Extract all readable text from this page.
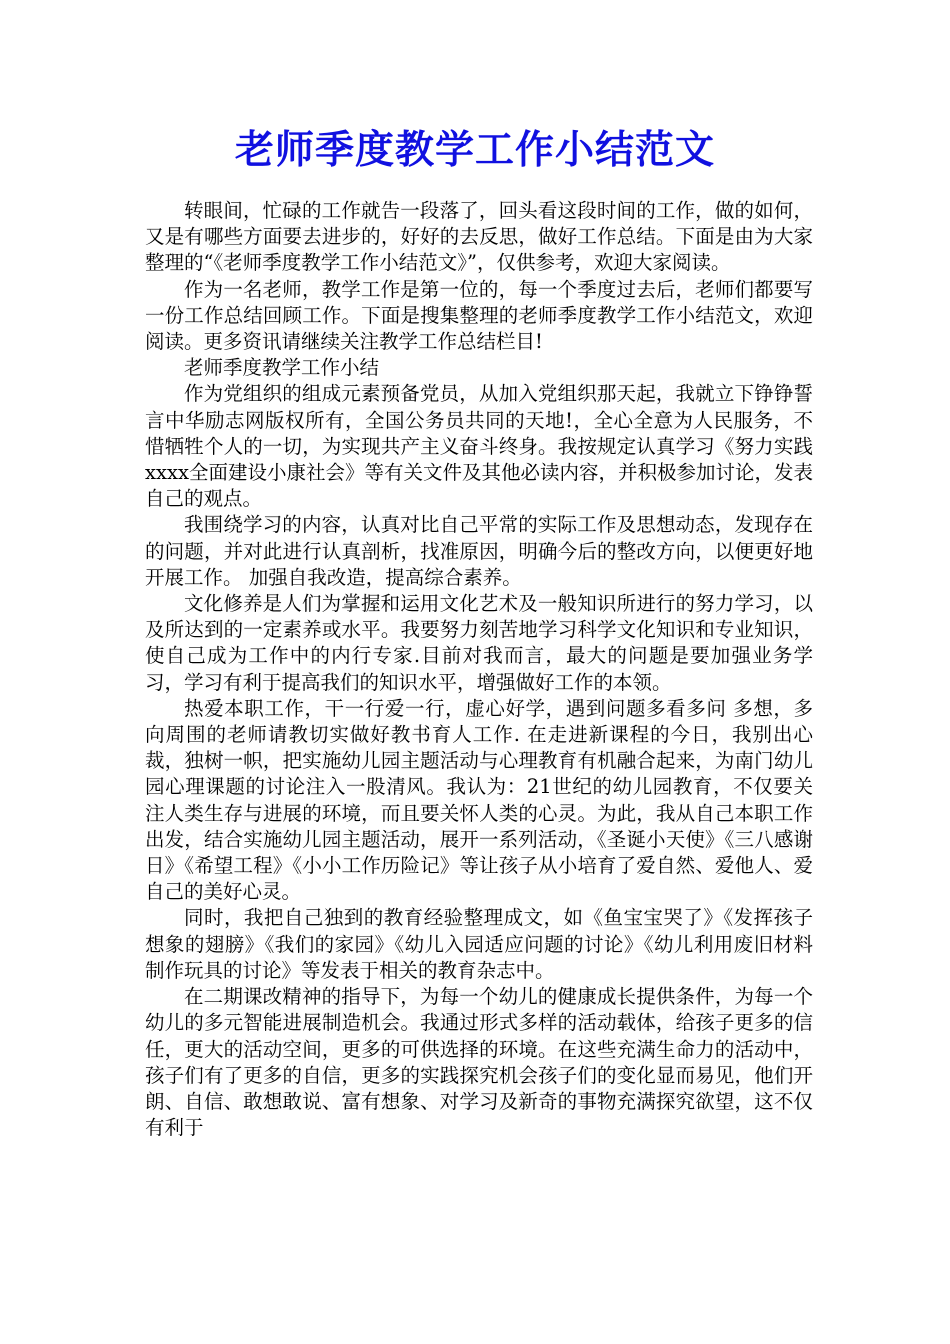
老师季度教学工作小结范文

转眼间，忙碌的工作就告一段落了，回头看这段时间的工作，做的如何，又是有哪些方面要去进步的，好好的去反思，做好工作总结。下面是由为大家整理的“《老师季度教学工作小结范文》”，仅供参考，欢迎大家阅读。

作为一名老师，教学工作是第一位的，每一个季度过去后，老师们都要写一份工作总结回顾工作。下面是搜集整理的老师季度教学工作小结范文，欢迎阅读。更多资讯请继续关注教学工作总结栏目!

老师季度教学工作小结

作为党组织的组成元素预备党员，从加入党组织那天起，我就立下铮铮誓言中华励志网版权所有，全国公务员共同的天地!，全心全意为人民服务，不惜牺牲个人的一切，为实现共产主义奋斗终身。我按规定认真学习《努力实践xxxx全面建设小康社会》等有关文件及其他必读内容，并积极参加讨论，发表自己的观点。

我围绕学习的内容，认真对比自己平常的实际工作及思想动态，发现存在的问题，并对此进行认真剖析，找准原因，明确今后的整改方向，以便更好地开展工作。 加强自我改造，提高综合素养。

文化修养是人们为掌握和运用文化艺术及一般知识所进行的努力学习，以及所达到的一定素养或水平。我要努力刻苦地学习科学文化知识和专业知识，使自己成为工作中的内行专家.目前对我而言，最大的问题是要加强业务学习，学习有利于提高我们的知识水平，增强做好工作的本领。

热爱本职工作，干一行爱一行，虚心好学，遇到问题多看多问 多想，多向周围的老师请教切实做好教书育人工作. 在走进新课程的今日，我别出心裁，独树一帜，把实施幼儿园主题活动与心理教育有机融合起来，为南门幼儿园心理课题的讨论注入一股清风。我认为：21世纪的幼儿园教育，不仅要关注人类生存与进展的环境，而且要关怀人类的心灵。为此，我从自己本职工作出发，结合实施幼儿园主题活动，展开一系列活动，《圣诞小天使》《三八感谢日》《希望工程》《小小工作历险记》等让孩子从小培育了爱自然、爱他人、爱自己的美好心灵。

同时，我把自己独到的教育经验整理成文，如《鱼宝宝哭了》《发挥孩子想象的翅膀》《我们的家园》《幼儿入园适应问题的讨论》《幼儿利用废旧材料制作玩具的讨论》等发表于相关的教育杂志中。

在二期课改精神的指导下，为每一个幼儿的健康成长提供条件，为每一个幼儿的多元智能进展制造机会。我通过形式多样的活动载体，给孩子更多的信任，更大的活动空间，更多的可供选择的环境。在这些充满生命力的活动中，孩子们有了更多的自信，更多的实践探究机会孩子们的变化显而易见，他们开朗、自信、敢想敢说、富有想象、对学习及新奇的事物充满探究欲望，这不仅有利于
